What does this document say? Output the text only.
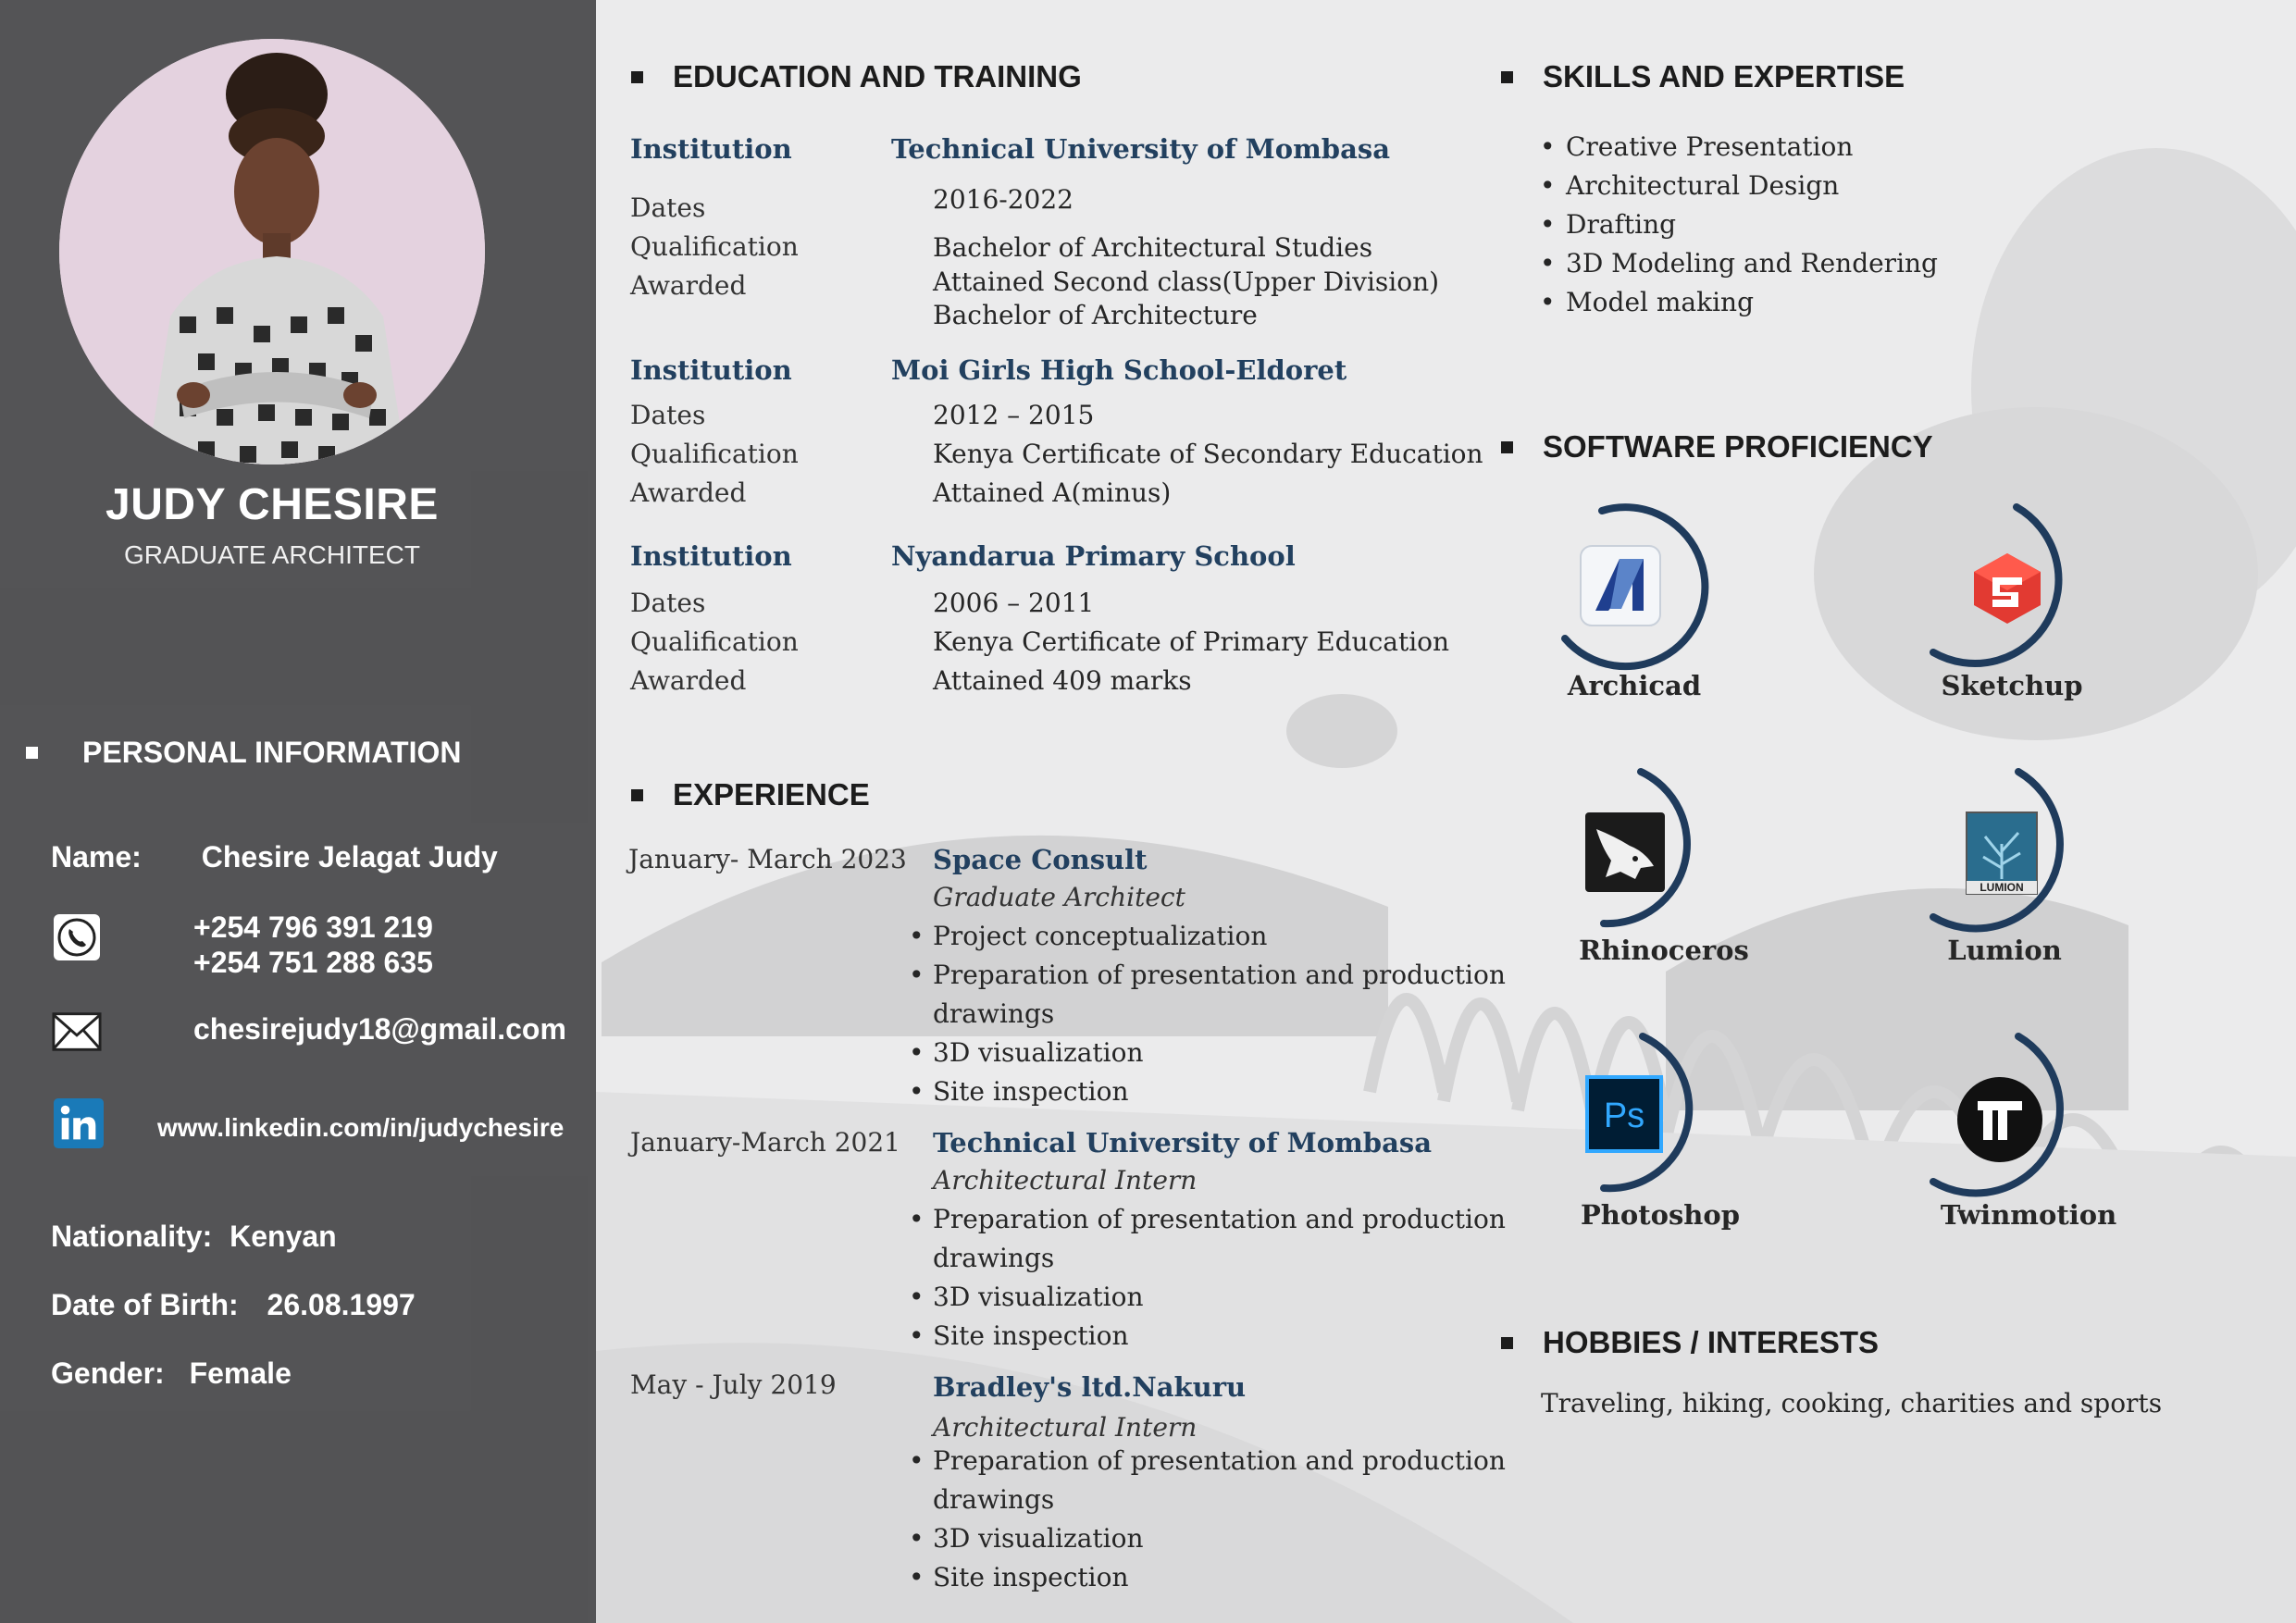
JUDY CHESIRE
GRADUATE ARCHITECT
PERSONAL INFORMATION
Name: Chesire Jelagat Judy
+254 796 391 219
+254 751 288 635
chesirejudy18@gmail.com
www.linkedin.com/in/judychesire
Nationality: Kenyan
Date of Birth: 26.08.1997
Gender: Female
EDUCATION AND TRAINING
Institution	Technical University of Mombasa
Dates	2016-2022
Qualification	Bachelor of Architectural Studies
Awarded	Attained Second class(Upper Division)
Bachelor of Architecture
Institution	Moi Girls High School-Eldoret
Dates	2012 – 2015
Qualification	Kenya Certificate of Secondary Education
Awarded	Attained A(minus)
Institution	Nyandarua Primary School
Dates	2006 – 2011
Qualification	Kenya Certificate of Primary Education
Awarded	Attained 409 marks
EXPERIENCE
January- March 2023 Space Consult
Graduate Architect
• Project conceptualization
• Preparation of presentation and production
drawings
• 3D visualization
• Site inspection
January-March 2021 Technical University of Mombasa
Architectural Intern
• Preparation of presentation and production
drawings
• 3D visualization
• Site inspection
May - July 2019	Bradley's ltd.Nakuru
Architectural Intern
• Preparation of presentation and production
drawings
• 3D visualization
• Site inspection
SKILLS AND EXPERTISE
• Creative Presentation
• Architectural Design
• Drafting
• 3D Modeling and Rendering
• Model making
SOFTWARE PROFICIENCY
Archicad	Sketchup
Rhinoceros
LUMION
Lumion
Ps
Photoshop	Twinmotion
HOBBIES / INTERESTS
Traveling, hiking, cooking, charities and sports
